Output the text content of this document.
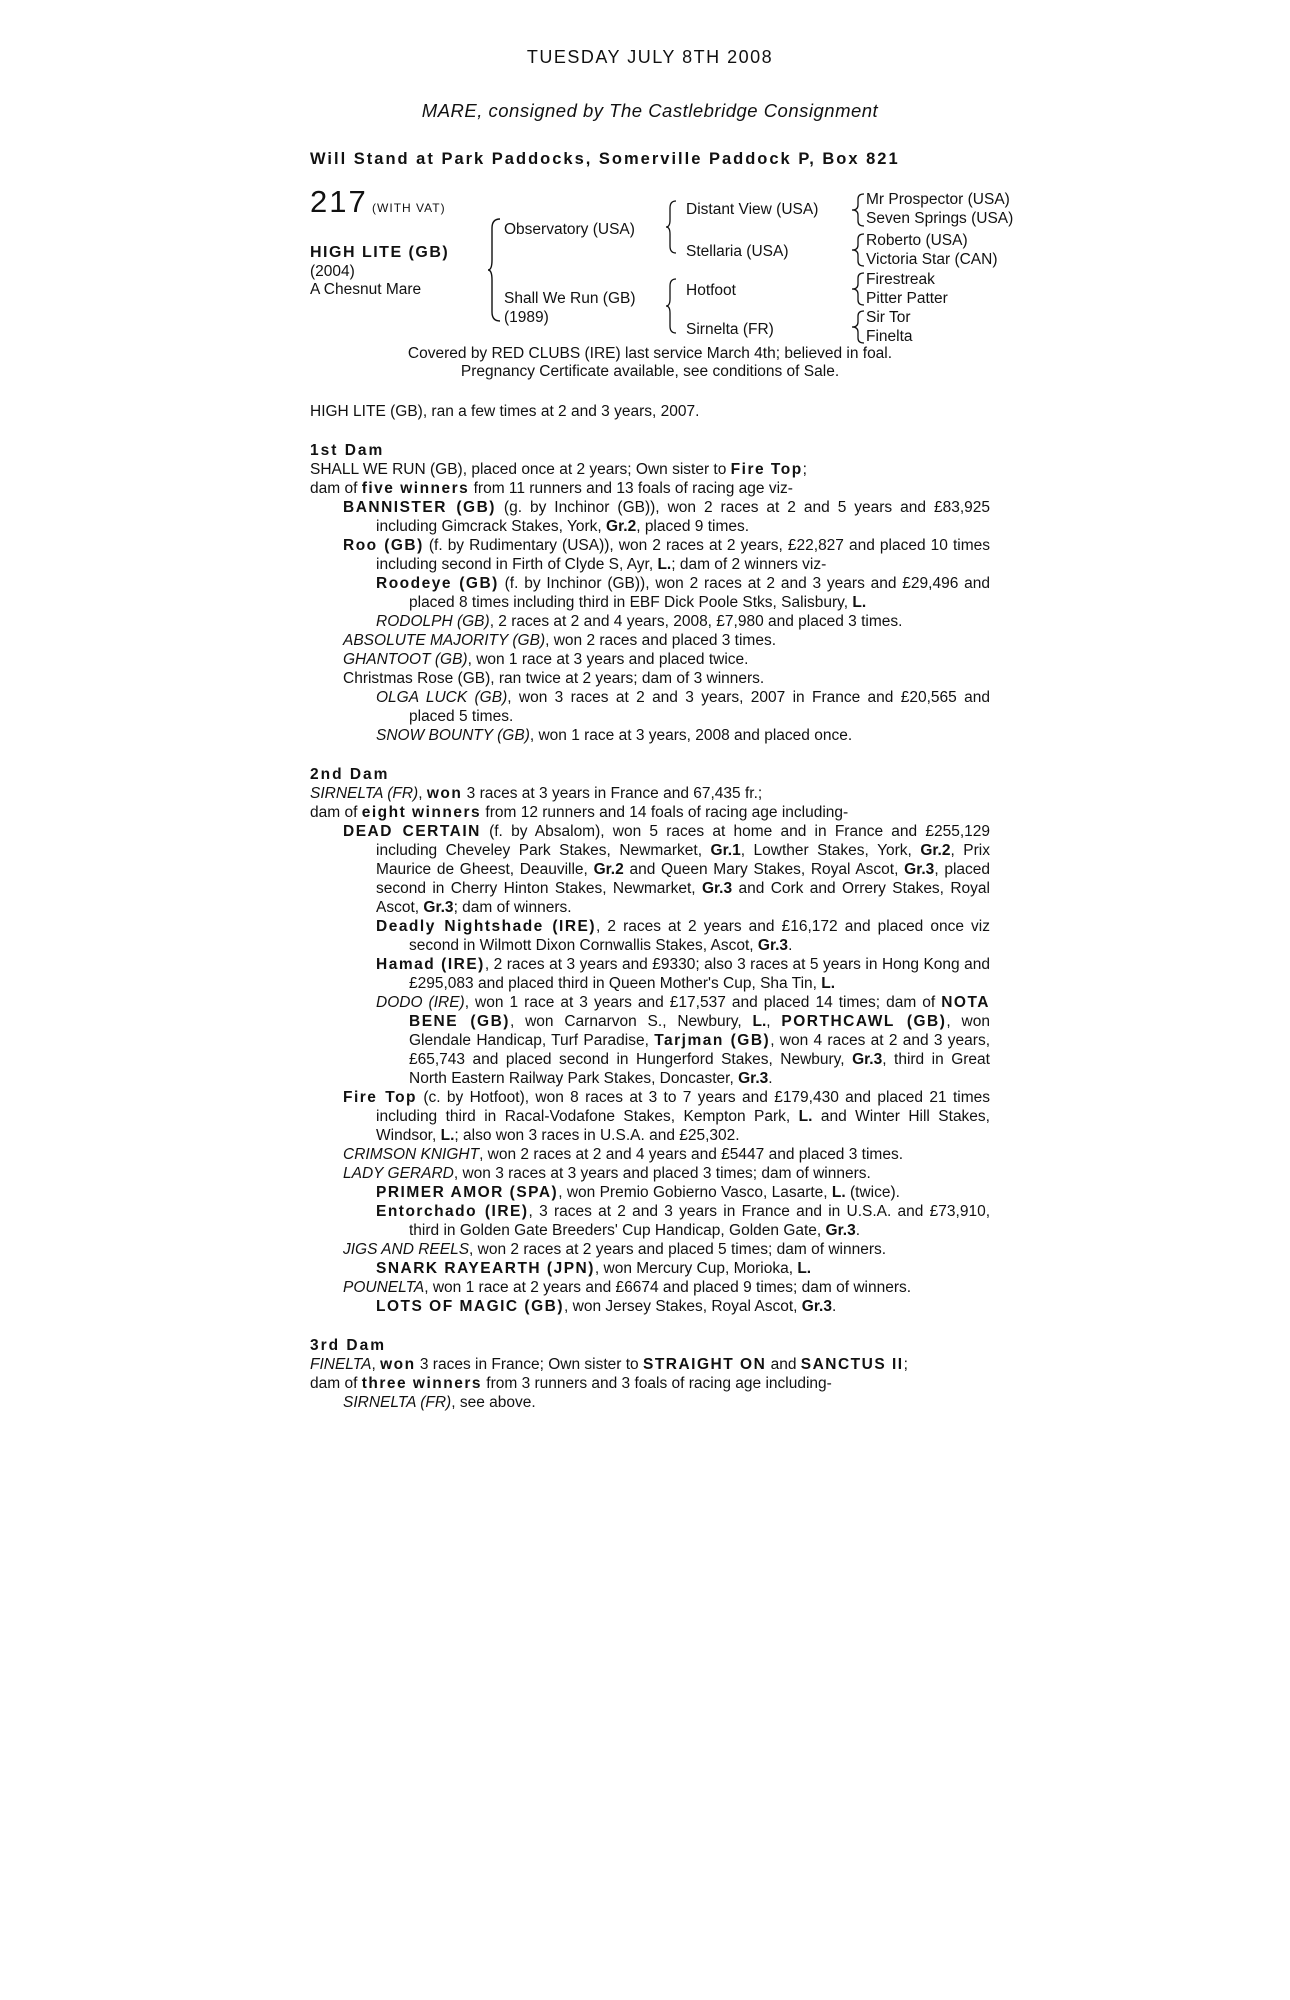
TUESDAY JULY 8TH 2008
MARE, consigned by The Castlebridge Consignment
Will Stand at Park Paddocks, Somerville Paddock P, Box 821
217 (WITH VAT)
HIGH LITE (GB)
(2004)
A Chesnut Mare
Observatory (USA)
Shall We Run (GB)
(1989)
Distant View (USA)
Stellaria (USA)
Hotfoot
Sirnelta (FR)
Mr Prospector (USA)
Seven Springs (USA)
Roberto (USA)
Victoria Star (CAN)
Firestreak
Pitter Patter
Sir Tor
Finelta
Covered by RED CLUBS (IRE) last service March 4th; believed in foal.
Pregnancy Certificate available, see conditions of Sale.

HIGH LITE (GB), ran a few times at 2 and 3 years, 2007.

1st Dam

SHALL WE RUN (GB), placed once at 2 years; Own sister to Fire Top;

dam of five winners from 11 runners and 13 foals of racing age viz-

BANNISTER (GB) (g. by Inchinor (GB)), won 2 races at 2 and 5 years and £83,925 including Gimcrack Stakes, York, Gr.2, placed 9 times.

Roo (GB) (f. by Rudimentary (USA)), won 2 races at 2 years, £22,827 and placed 10 times including second in Firth of Clyde S, Ayr, L.; dam of 2 winners viz-

Roodeye (GB) (f. by Inchinor (GB)), won 2 races at 2 and 3 years and £29,496 and placed 8 times including third in EBF Dick Poole Stks, Salisbury, L.

RODOLPH (GB), 2 races at 2 and 4 years, 2008, £7,980 and placed 3 times.

ABSOLUTE MAJORITY (GB), won 2 races and placed 3 times.

GHANTOOT (GB), won 1 race at 3 years and placed twice.

Christmas Rose (GB), ran twice at 2 years; dam of 3 winners.

OLGA LUCK (GB), won 3 races at 2 and 3 years, 2007 in France and £20,565 and placed 5 times.

SNOW BOUNTY (GB), won 1 race at 3 years, 2008 and placed once.

2nd Dam

SIRNELTA (FR), won 3 races at 3 years in France and 67,435 fr.;

dam of eight winners from 12 runners and 14 foals of racing age including-

DEAD CERTAIN (f. by Absalom), won 5 races at home and in France and £255,129 including Cheveley Park Stakes, Newmarket, Gr.1, Lowther Stakes, York, Gr.2, Prix Maurice de Gheest, Deauville, Gr.2 and Queen Mary Stakes, Royal Ascot, Gr.3, placed second in Cherry Hinton Stakes, Newmarket, Gr.3 and Cork and Orrery Stakes, Royal Ascot, Gr.3; dam of winners.

Deadly Nightshade (IRE), 2 races at 2 years and £16,172 and placed once viz second in Wilmott Dixon Cornwallis Stakes, Ascot, Gr.3.

Hamad (IRE), 2 races at 3 years and £9330; also 3 races at 5 years in Hong Kong and £295,083 and placed third in Queen Mother's Cup, Sha Tin, L.

DODO (IRE), won 1 race at 3 years and £17,537 and placed 14 times; dam of NOTA BENE (GB), won Carnarvon S., Newbury, L., PORTHCAWL (GB), won Glendale Handicap, Turf Paradise, Tarjman (GB), won 4 races at 2 and 3 years, £65,743 and placed second in Hungerford Stakes, Newbury, Gr.3, third in Great North Eastern Railway Park Stakes, Doncaster, Gr.3.

Fire Top (c. by Hotfoot), won 8 races at 3 to 7 years and £179,430 and placed 21 times including third in Racal-Vodafone Stakes, Kempton Park, L. and Winter Hill Stakes, Windsor, L.; also won 3 races in U.S.A. and £25,302.

CRIMSON KNIGHT, won 2 races at 2 and 4 years and £5447 and placed 3 times.

LADY GERARD, won 3 races at 3 years and placed 3 times; dam of winners.

PRIMER AMOR (SPA), won Premio Gobierno Vasco, Lasarte, L. (twice).

Entorchado (IRE), 3 races at 2 and 3 years in France and in U.S.A. and £73,910, third in Golden Gate Breeders' Cup Handicap, Golden Gate, Gr.3.

JIGS AND REELS, won 2 races at 2 years and placed 5 times; dam of winners.

SNARK RAYEARTH (JPN), won Mercury Cup, Morioka, L.

POUNELTA, won 1 race at 2 years and £6674 and placed 9 times; dam of winners.

LOTS OF MAGIC (GB), won Jersey Stakes, Royal Ascot, Gr.3.

3rd Dam

FINELTA, won 3 races in France; Own sister to STRAIGHT ON and SANCTUS II;

dam of three winners from 3 runners and 3 foals of racing age including-

SIRNELTA (FR), see above.
